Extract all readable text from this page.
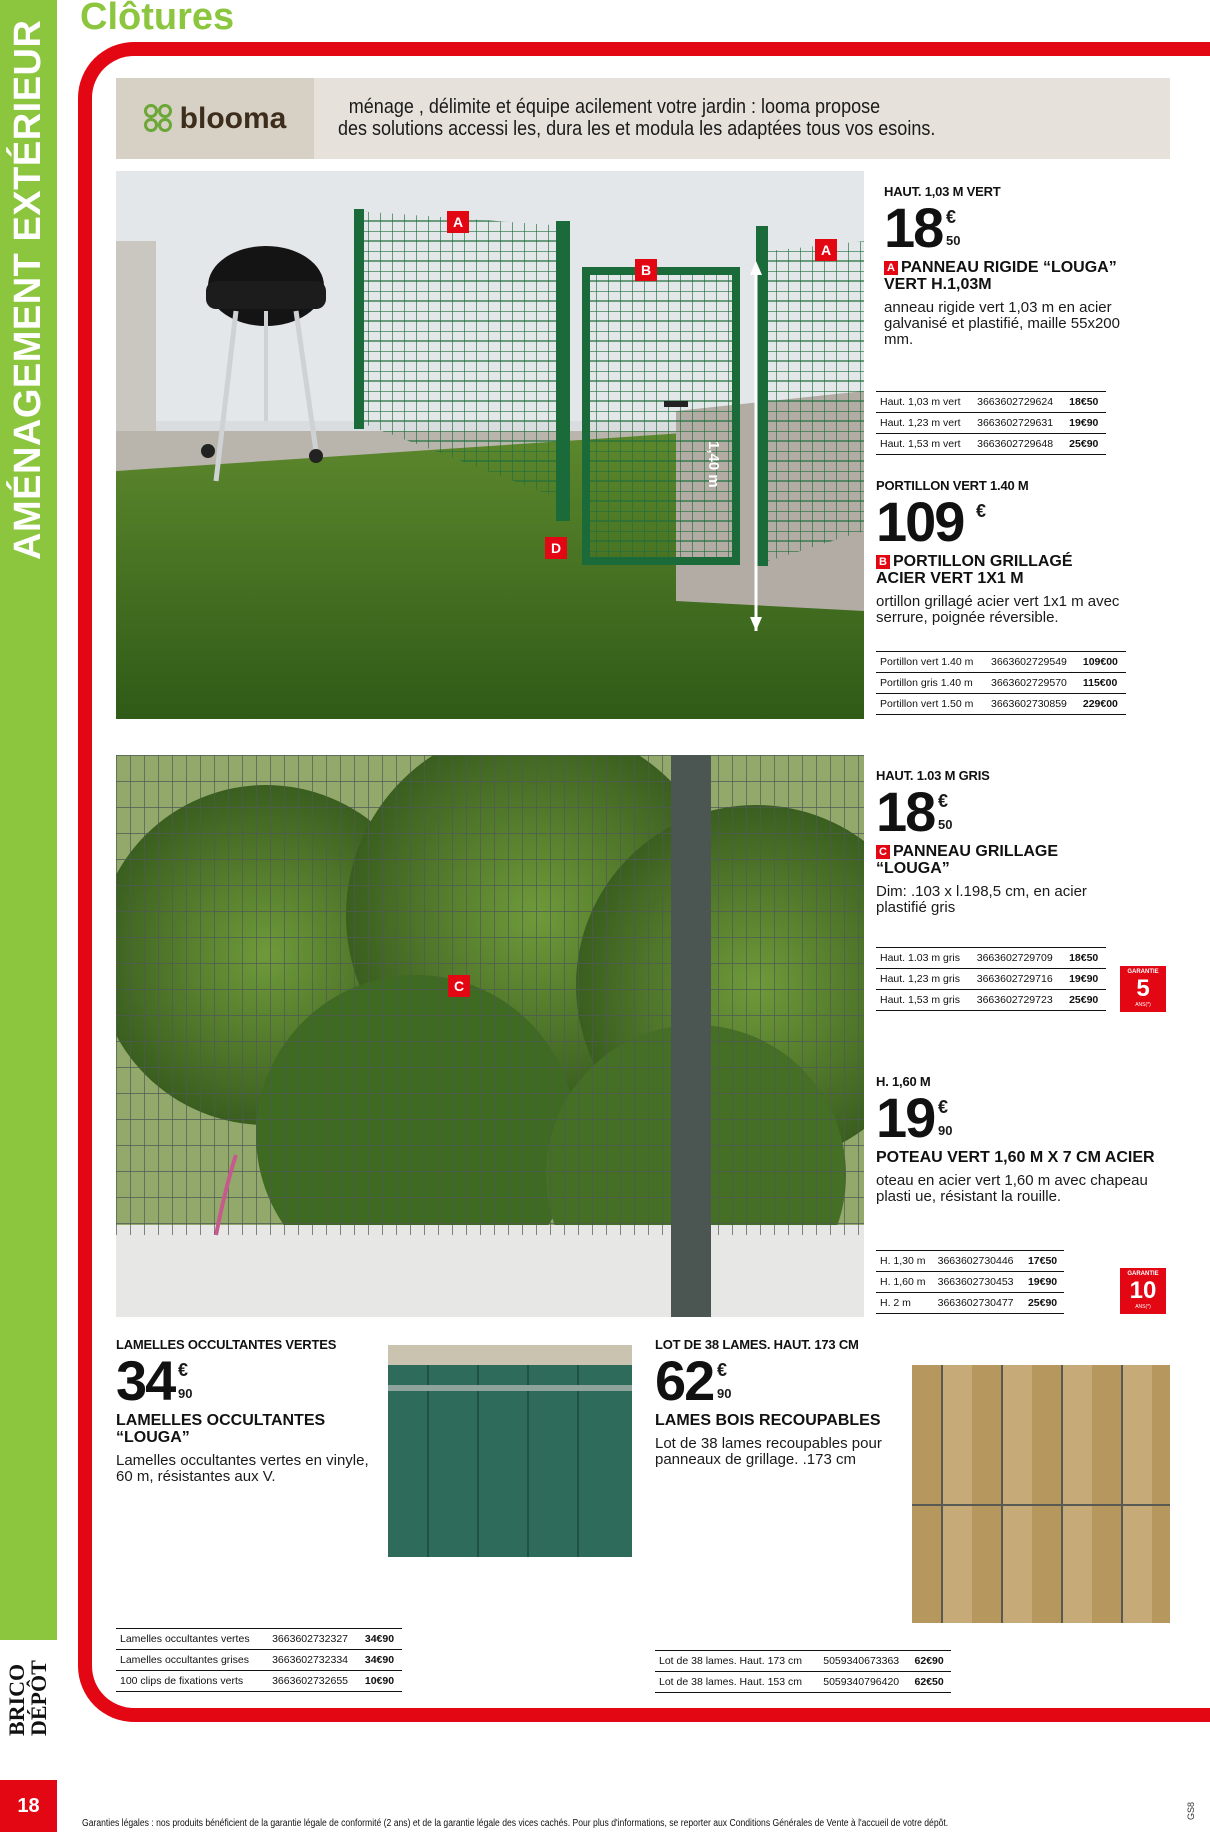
AMÉNAGEMENT EXTÉRIEUR
BRICO
DÉPÔT
18
Clôtures
blooma	ménage , délimite et équipe acilement votre jardin : looma propose
des solutions accessi les, dura les et modula les adaptées tous vos esoins.
A
B
A
D
1,40 m
C
HAUT. 1,03 M VERT
18 €
50
A PANNEAU RIGIDE “LOUGA” VERT H.1,03M
anneau rigide vert 1,03 m en acier galvanisé et plastifié, maille 55x200 mm.
Haut. 1,03 m vert	3663602729624	18€50
Haut. 1,23 m vert	3663602729631	19€90
Haut. 1,53 m vert	3663602729648	25€90
PORTILLON VERT 1.40 M
109 €
B PORTILLON GRILLAGÉ ACIER VERT 1X1 M
ortillon grillagé acier vert 1x1 m avec serrure, poignée réversible.
Portillon vert 1.40 m	3663602729549	109€00
Portillon gris 1.40 m	3663602729570	115€00
Portillon vert 1.50 m	3663602730859	229€00
HAUT. 1.03 M GRIS
18 €
50
C PANNEAU GRILLAGE “LOUGA”
Dim: .103 x l.198,5 cm, en acier plastifié gris
Haut. 1.03 m gris	3663602729709	18€50
Haut. 1,23 m gris	3663602729716	19€90
Haut. 1,53 m gris	3663602729723	25€90
GARANTIE
5
ANS(*)
H. 1,60 M
19 €
90
POTEAU VERT 1,60 M X 7 CM ACIER
oteau en acier vert 1,60 m avec chapeau plasti ue, résistant la rouille.
H. 1,30 m	3663602730446	17€50
H. 1,60 m	3663602730453	19€90
H. 2 m	3663602730477	25€90
GARANTIE
10
ANS(*)
LAMELLES OCCULTANTES VERTES
34 €
90
LAMELLES OCCULTANTES “LOUGA”
Lamelles occultantes vertes en vinyle, 60 m, résistantes aux V.
Lamelles occultantes vertes	3663602732327	34€90
Lamelles occultantes grises	3663602732334	34€90
100 clips de fixations verts	3663602732655	10€90
LOT DE 38 LAMES. HAUT. 173 CM
62 €
90
LAMES BOIS RECOUPABLES
Lot de 38 lames recoupables pour panneaux de grillage. .173 cm
Lot de 38 lames. Haut. 173 cm	5059340673363	62€90
Lot de 38 lames. Haut. 153 cm	5059340796420	62€50
Garanties légales : nos produits bénéficient de la garantie légale de conformité (2 ans) et de la garantie légale des vices cachés. Pour plus d'informations, se reporter aux Conditions Générales de Vente à l'accueil de votre dépôt.
GS8
